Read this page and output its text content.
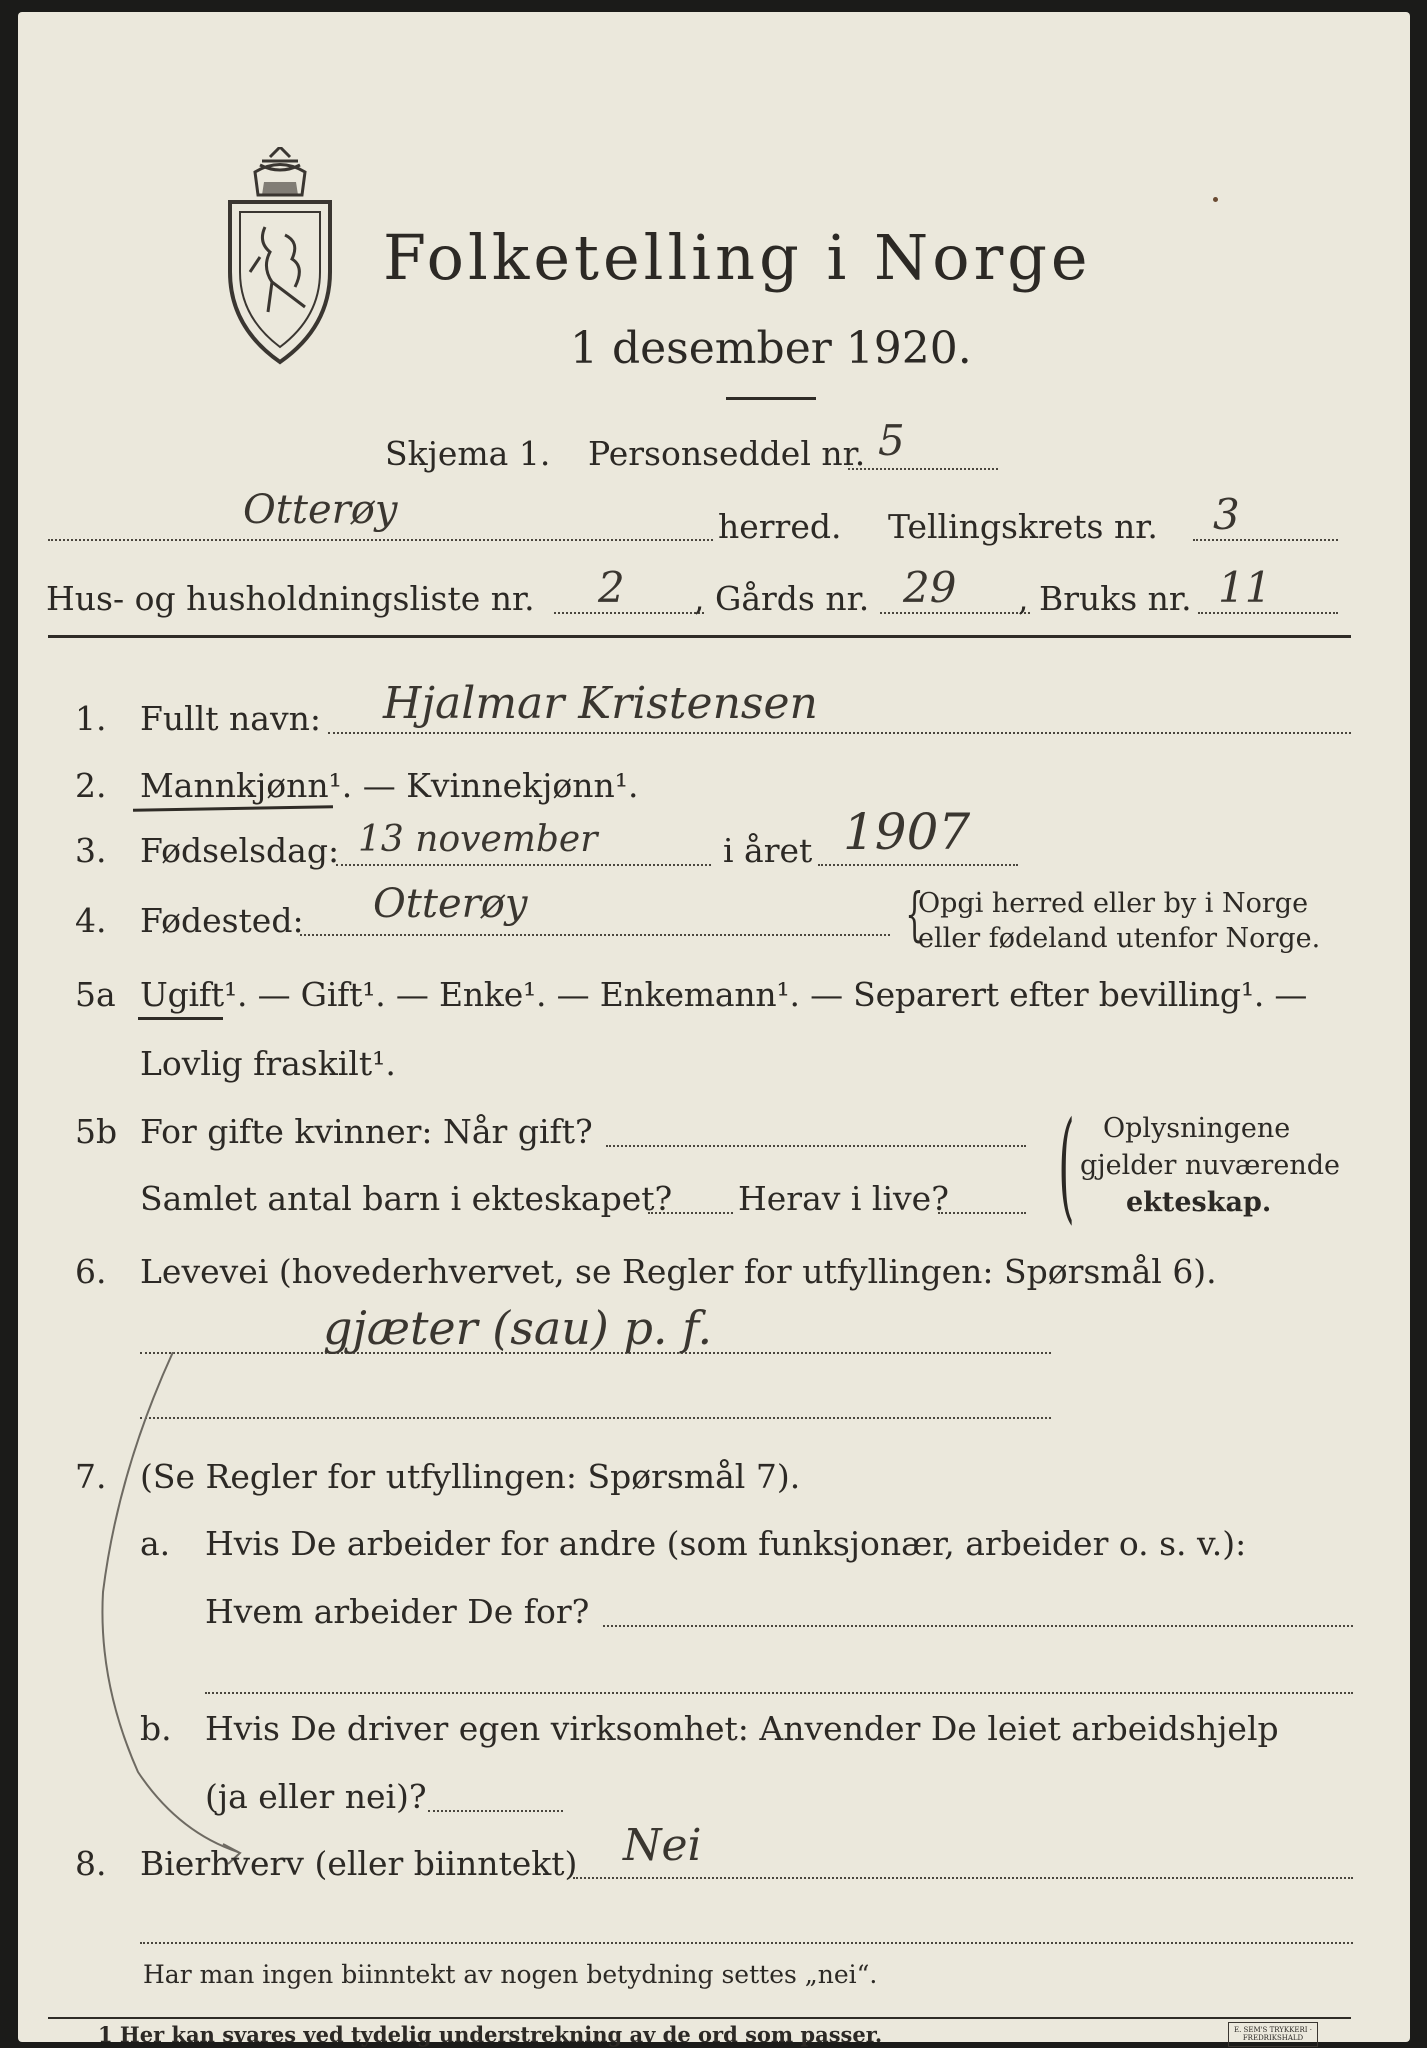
Folketelling i Norge
1 desember 1920.
Skjema 1. Personseddel nr. 5
Otterøy	herred. Tellingskrets nr. 3
Hus- og husholdningsliste nr. 2 , Gårds nr. 29 , Bruks nr. 11
1. Fullt navn: Hjalmar Kristensen
2. Mannkjønn¹. — Kvinnekjønn¹.
3. Fødselsdag: 13 november	i året 1907
4. Fødested: Otterøy	{
Opgi herred eller by i Norge
eller fødeland utenfor Norge.
5a Ugift¹. — Gift¹. — Enke¹. — Enkemann¹. — Separert efter bevilling¹. —
Lovlig fraskilt¹.
5b For gifte kvinner: Når gift?
Samlet antal barn i ekteskapet? Herav i live? ( Oplysningene
gjelder nuværende
ekteskap.
6. Levevei (hovederhvervet, se Regler for utfyllingen: Spørsmål 6).
gjæter (sau) p. f.
7. (Se Regler for utfyllingen: Spørsmål 7).
a. Hvis De arbeider for andre (som funksjonær, arbeider o. s. v.):
Hvem arbeider De for?
b. Hvis De driver egen virksomhet: Anvender De leiet arbeidshjelp
(ja eller nei)?
8. Bierhverv (eller biinntekt) Nei
Har man ingen biinntekt av nogen betydning settes „nei“.
1 Her kan svares ved tydelig understrekning av de ord som passer.	E. SEM'S TRYKKERI · FREDRIKSHALD
